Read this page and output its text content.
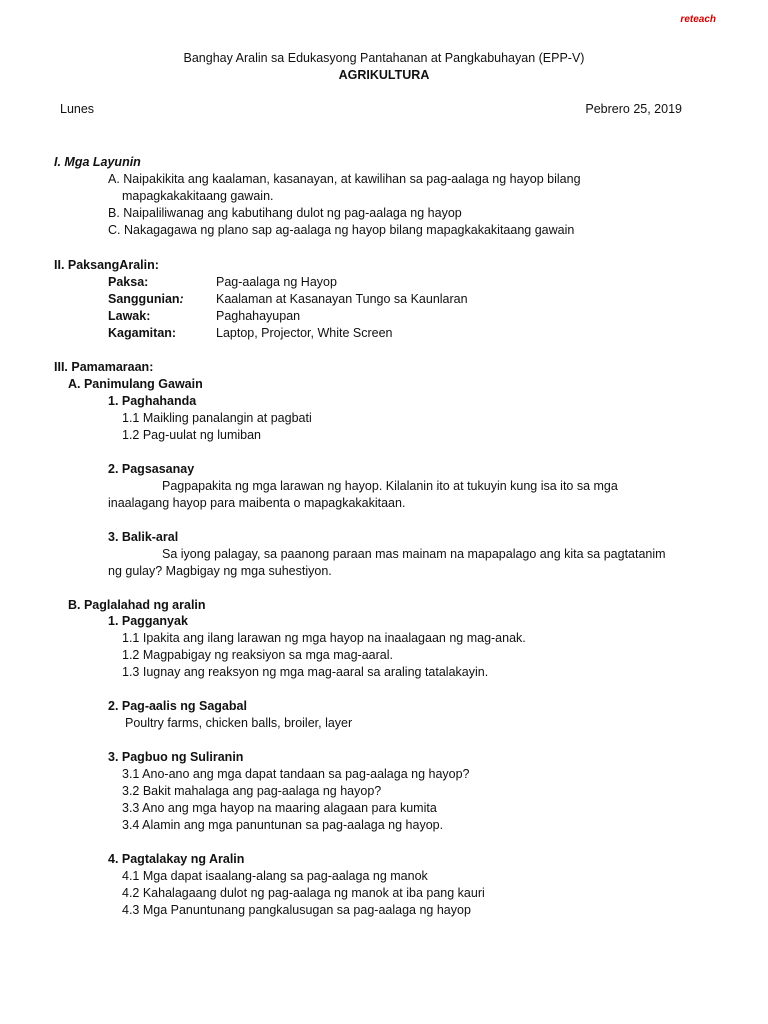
reteach
Banghay Aralin sa Edukasyong Pantahanan at Pangkabuhayan (EPP-V)
AGRIKULTURA
Lunes	Pebrero 25, 2019
I. Mga Layunin
A. Naipakikita ang kaalaman, kasanayan, at kawilihan sa pag-aalaga ng hayop bilang
mapagkakakitaang gawain.
B. Naipaliliwanag ang kabutihang dulot ng pag-aalaga ng hayop
C. Nakagagawa ng plano sap ag-aalaga ng hayop bilang mapagkakakitaang gawain
II. PaksangAralin:
Paksa:	Pag-aalaga ng Hayop
Sanggunian:	Kaalaman at Kasanayan Tungo sa Kaunlaran
Lawak:	Paghahayupan
Kagamitan:	Laptop, Projector, White Screen
III. Pamamaraan:
A. Panimulang Gawain
1. Paghahanda
1.1 Maikling panalangin at pagbati
1.2 Pag-uulat ng lumiban
2. Pagsasanay
Pagpapakita ng mga larawan ng hayop. Kilalanin ito at tukuyin kung isa ito sa mga
inaalagang hayop para maibenta o mapagkakakitaan.
3. Balik-aral
Sa iyong palagay, sa paanong paraan mas mainam na mapapalago ang kita sa pagtatanim
ng gulay? Magbigay ng mga suhestiyon.
B. Paglalahad ng aralin
1. Pagganyak
1.1 Ipakita ang ilang larawan ng mga hayop na inaalagaan ng mag-anak.
1.2 Magpabigay ng reaksiyon sa mga mag-aaral.
1.3 Iugnay ang reaksyon ng mga mag-aaral sa araling tatalakayin.
2. Pag-aalis ng Sagabal
Poultry farms, chicken balls, broiler, layer
3. Pagbuo ng Suliranin
3.1 Ano-ano ang mga dapat tandaan sa pag-aalaga ng hayop?
3.2 Bakit mahalaga ang pag-aalaga ng hayop?
3.3 Ano ang mga hayop na maaring alagaan para kumita
3.4 Alamin ang mga panuntunan sa pag-aalaga ng hayop.
4. Pagtalakay ng Aralin
4.1 Mga dapat isaalang-alang sa pag-aalaga ng manok
4.2 Kahalagaang dulot ng pag-aalaga ng manok at iba pang kauri
4.3 Mga Panuntunang pangkalusugan sa pag-aalaga ng hayop
